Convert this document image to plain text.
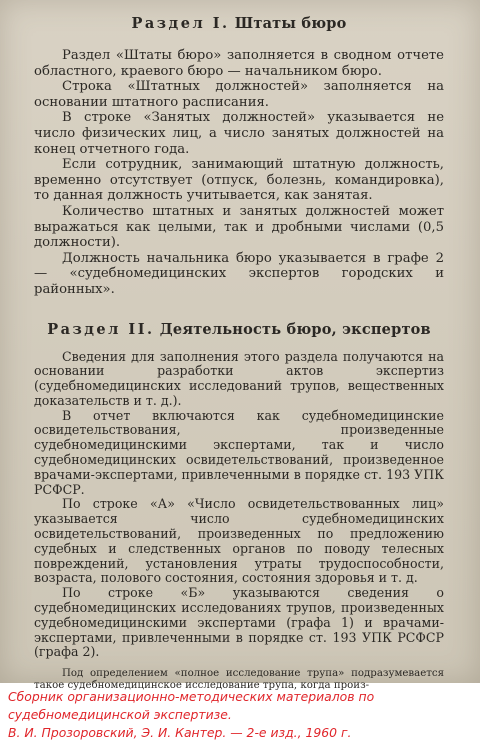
Раздел I. Штаты бюро

Раздел «Штаты бюро» заполняется в сводном отчете областного, краевого бюро — начальником бюро.

Строка «Штатных должностей» заполняется на основании штатного расписания.

В строке «Занятых должностей» указывается не число физических лиц, а число занятых должностей на конец отчетного года.

Если сотрудник, занимающий штатную должность, временно отсутствует (отпуск, болезнь, командировка), то данная должность учитывается, как занятая.

Количество штатных и занятых должностей может выражаться как целыми, так и дробными числами (0,5 должности).

Должность начальника бюро указывается в графе 2 — «судебномедицинских экспертов городских и районных».

Раздел II. Деятельность бюро, экспертов

Сведения для заполнения этого раздела получаются на основании разработки актов экспертиз (судебномедицинских исследований трупов, вещественных доказательств и т. д.).

В отчет включаются как судебномедицинские освидетельствования, произведенные судебномедицинскими экспертами, так и число судебномедицинских освидетельствований, произведенное врачами-экспертами, привлеченными в порядке ст. 193 УПК РСФСР.

По строке «А» «Число освидетельствованных лиц» указывается число судебномедицинских освидетельствований, произведенных по предложению судебных и следственных органов по поводу телесных повреждений, установления утраты трудоспособности, возраста, полового состояния, состояния здоровья и т. д.

По строке «Б» указываются сведения о судебномедицинских исследованиях трупов, произведенных судебномедицинскими экспертами (графа 1) и врачами-экспертами, привлеченными в порядке ст. 193 УПК РСФСР (графа 2).

Под определением «полное исследование трупа» подразумевается такое судебномедицинское исследование трупа, когда произ-

Сборник организационно-методических материалов по
судебномедицинской экспертизе.
В. И. Прозоровский, Э. И. Кантер. — 2-е изд., 1960 г.
